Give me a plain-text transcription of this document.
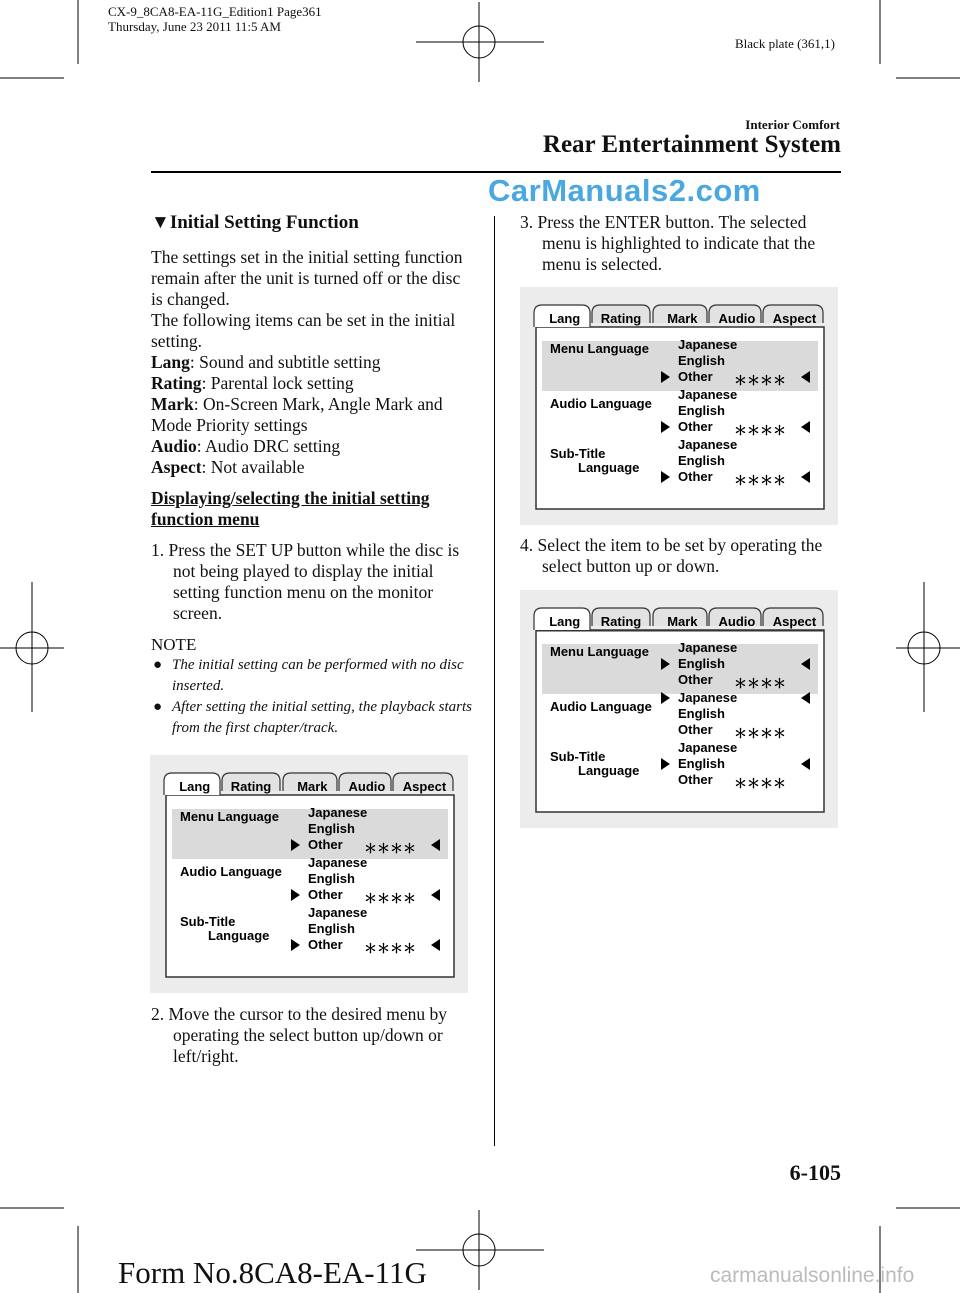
CX-9_8CA8-EA-11G_Edition1 Page361
Thursday, June 23 2011 11:5 AM
Black plate (361,1)
Interior Comfort
Rear Entertainment System
CarManuals2.com
▼Initial Setting Function

The settings set in the initial setting function remain after the unit is turned off or the disc is changed.

The following items can be set in the initial setting.

Lang: Sound and subtitle setting

Rating: Parental lock setting

Mark: On-Screen Mark, Angle Mark and Mode Priority settings

Audio: Audio DRC setting

Aspect: Not available

Displaying/selecting the initial setting function menu

1. Press the SET UP button while the disc is not being played to display the initial setting function menu on the monitor screen.

NOTE

● The initial setting can be performed with no disc inserted.

● After setting the initial setting, the playback starts from the first chapter/track.

2. Move the cursor to the desired menu by operating the select button up/down or left/right.

3. Press the ENTER button. The selected menu is highlighted to indicate that the menu is selected.

4. Select the item to be set by operating the select button up or down.

Lang Rating Mark Audio Aspect
Menu Language Japanese
English
Other ＊＊＊＊
Audio Language
Japanese
English
Other ＊＊＊＊
Sub-Title
Language
Japanese
English
Other ＊＊＊＊
Lang Rating Mark Audio Aspect
Menu Language Japanese
English
Other ＊＊＊＊
Audio Language
Japanese
English
Other ＊＊＊＊
Sub-Title
Language
Japanese
English
Other ＊＊＊＊
Lang Rating Mark Audio Aspect
Menu Language Japanese
English
Other ＊＊＊＊
Audio Language
Japanese
English
Other ＊＊＊＊
Sub-Title
Language
Japanese
English
Other ＊＊＊＊
6-105
Form No.8CA8-EA-11G	carmanualsonline.info
